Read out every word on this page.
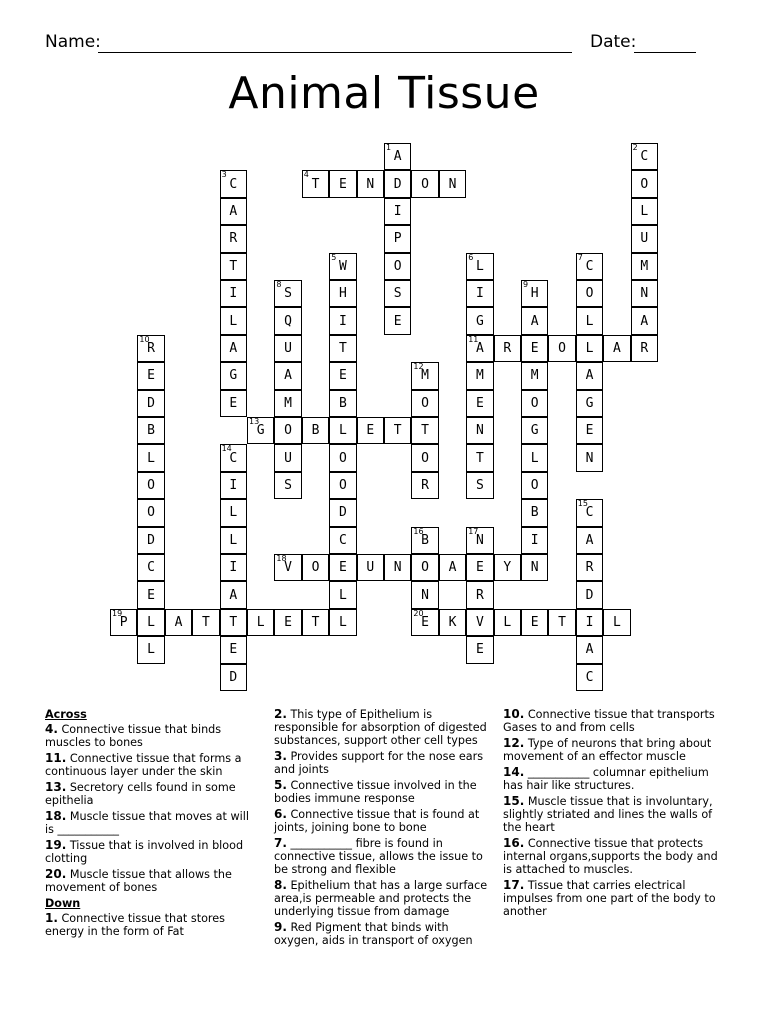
Name:	Date:
Animal Tissue
1
A
D
I
P
O
S
E
2
C
O
L
U
M
N
A
R
3
C
A
R
T
I
L
A
G
E
4
T	E	N	O	N
5
W
H
I
T
E
B
L
O
O
D
C
E
L
L
6
L
I
G
11
A
M
E
N
T
S
7
C
O
L
L
A
G
E
N
8
S
Q
U
A
M
O
U
S
9
H
A
E
M
O
G
L
O
B
I
N
10
R
E
D
B
L
O
O
D
C
E
L
L
R	O	A
12
M
O
T
O
R
13
G	B	E	T
14
C
I
L
L
I
A
T
E
D
15
C
A
R
D
I
A
C
16
B
O
N
20
E
17
N
E
R
V
E
18
V	O	U	N	A	Y
19
P	A	T	L	E	T	K	L	E	T	L
Across
4. Connective tissue that binds muscles to bones
11. Connective tissue that forms a continuous layer under the skin
13. Secretory cells found in some epithelia
18. Muscle tissue that moves at will is ___________
19. Tissue that is involved in blood clotting
20. Muscle tissue that allows the movement of bones
Down
1. Connective tissue that stores energy in the form of Fat
2. This type of Epithelium is responsible for absorption of digested substances, support other cell types
3. Provides support for the nose ears and joints
5. Connective tissue involved in the bodies immune response
6. Connective tissue that is found at joints, joining bone to bone
7. ___________ fibre is found in connective tissue, allows the issue to be strong and flexible
8. Epithelium that has a large surface area,is permeable and protects the underlying tissue from damage
9. Red Pigment that binds with oxygen, aids in transport of oxygen
10. Connective tissue that transports Gases to and from cells
12. Type of neurons that bring about movement of an effector muscle
14. ___________ columnar epithelium has hair like structures.
15. Muscle tissue that is involuntary, slightly striated and lines the walls of the heart
16. Connective tissue that protects internal organs,supports the body and is attached to muscles.
17. Tissue that carries electrical impulses from one part of the body to another
